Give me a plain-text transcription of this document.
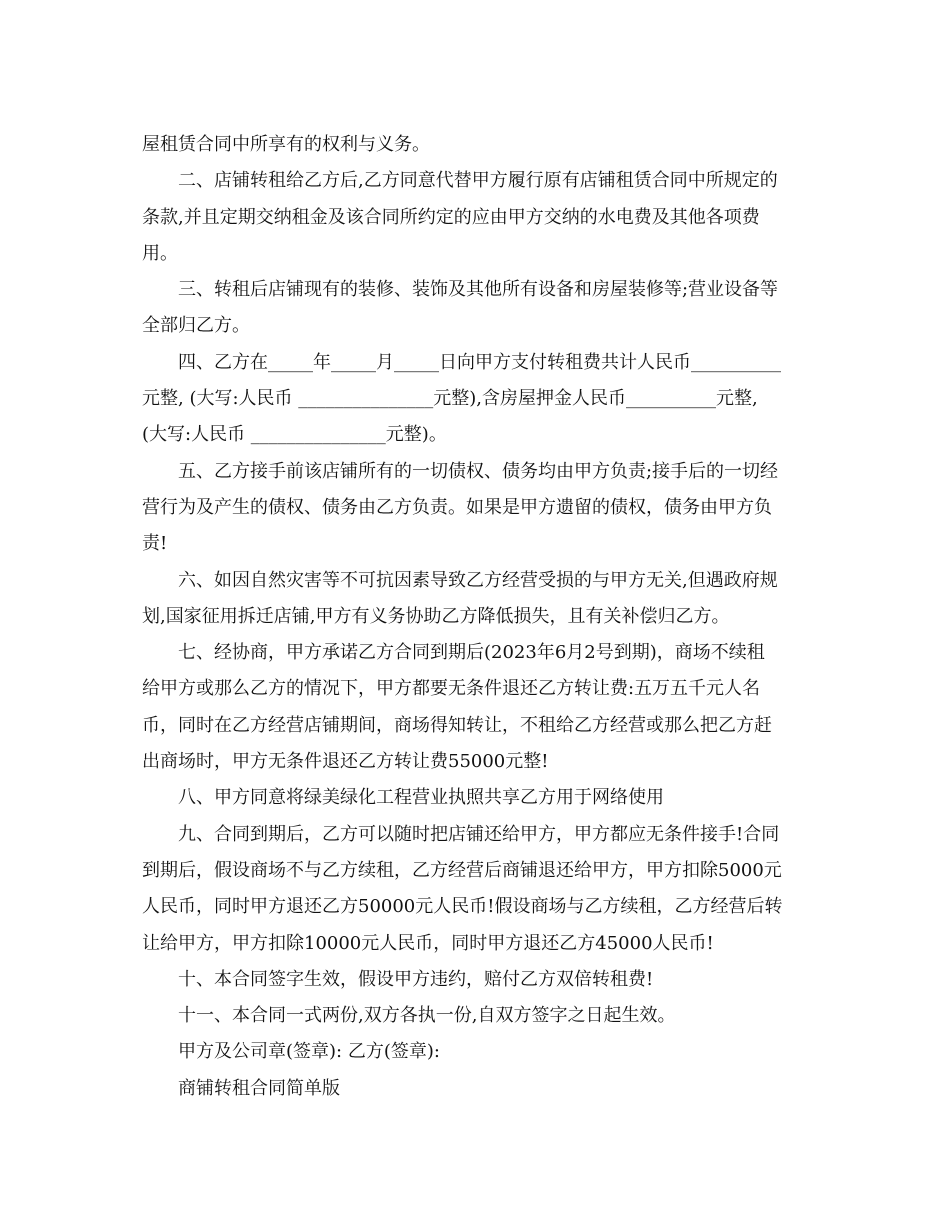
屋租赁合同中所享有的权利与义务。
二、店铺转租给乙方后,乙方同意代替甲方履行原有店铺租赁合同中所规定的
条款,并且定期交纳租金及该合同所约定的应由甲方交纳的水电费及其他各项费
用。
三、转租后店铺现有的装修、装饰及其他所有设备和房屋装修等;营业设备等
全部归乙方。
四、乙方在_____年_____月_____日向甲方支付转租费共计人民币__________
元整, (大写:人民币 _______________元整),含房屋押金人民币__________元整,
(大写:人民币 _______________元整)。
五、乙方接手前该店铺所有的一切债权、债务均由甲方负责;接手后的一切经
营行为及产生的债权、债务由乙方负责。如果是甲方遗留的债权，债务由甲方负
责!
六、如因自然灾害等不可抗因素导致乙方经营受损的与甲方无关,但遇政府规
划,国家征用拆迁店铺,甲方有义务协助乙方降低损失，且有关补偿归乙方。
七、经协商，甲方承诺乙方合同到期后(2023年6月2号到期)，商场不续租
给甲方或那么乙方的情况下，甲方都要无条件退还乙方转让费:五万五千元人名
币，同时在乙方经营店铺期间，商场得知转让，不租给乙方经营或那么把乙方赶
出商场时，甲方无条件退还乙方转让费55000元整!
八、甲方同意将绿美绿化工程营业执照共享乙方用于网络使用
九、合同到期后，乙方可以随时把店铺还给甲方，甲方都应无条件接手!合同
到期后，假设商场不与乙方续租，乙方经营后商铺退还给甲方，甲方扣除5000元
人民币，同时甲方退还乙方50000元人民币!假设商场与乙方续租，乙方经营后转
让给甲方，甲方扣除10000元人民币，同时甲方退还乙方45000人民币!
十、本合同签字生效，假设甲方违约，赔付乙方双倍转租费!
十一、本合同一式两份,双方各执一份,自双方签字之日起生效。
甲方及公司章(签章): 乙方(签章):
商铺转租合同简单版
